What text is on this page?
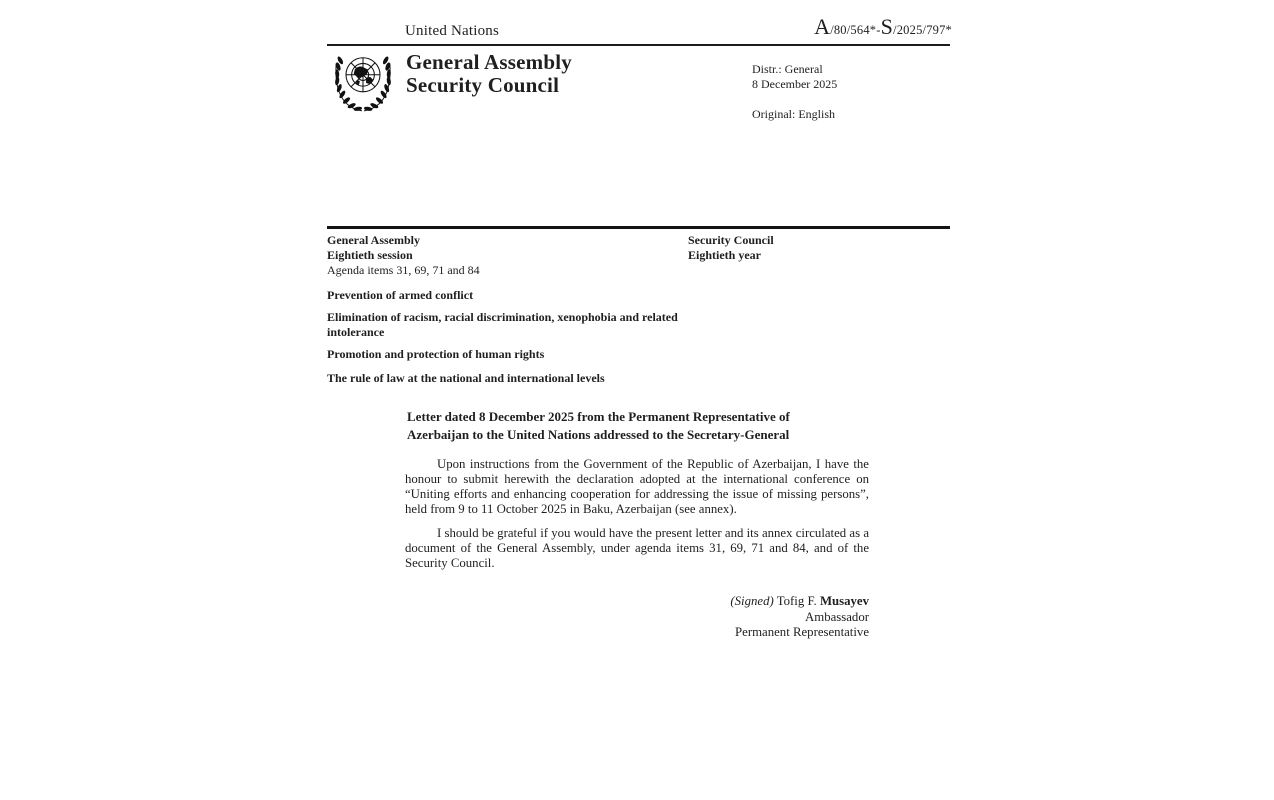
United Nations	A/80/564*-S/2025/797*
General Assembly
Security Council
Distr.: General
8 December 2025
Original: English
General Assembly
Eightieth session
Agenda items 31, 69, 71 and 84
Security Council
Eightieth year
Prevention of armed conflict
Elimination of racism, racial discrimination, xenophobia and related intolerance
Promotion and protection of human rights
The rule of law at the national and international levels
Letter dated 8 December 2025 from the Permanent Representative of
Azerbaijan to the United Nations addressed to the Secretary-General
Upon instructions from the Government of the Republic of Azerbaijan, I have the honour to submit herewith the declaration adopted at the international conference on “Uniting efforts and enhancing cooperation for addressing the issue of missing persons”, held from 9 to 11 October 2025 in Baku, Azerbaijan (see annex).
I should be grateful if you would have the present letter and its annex circulated as a document of the General Assembly, under agenda items 31, 69, 71 and 84, and of the Security Council.
(Signed) Tofig F. Musayev
Ambassador
Permanent Representative
